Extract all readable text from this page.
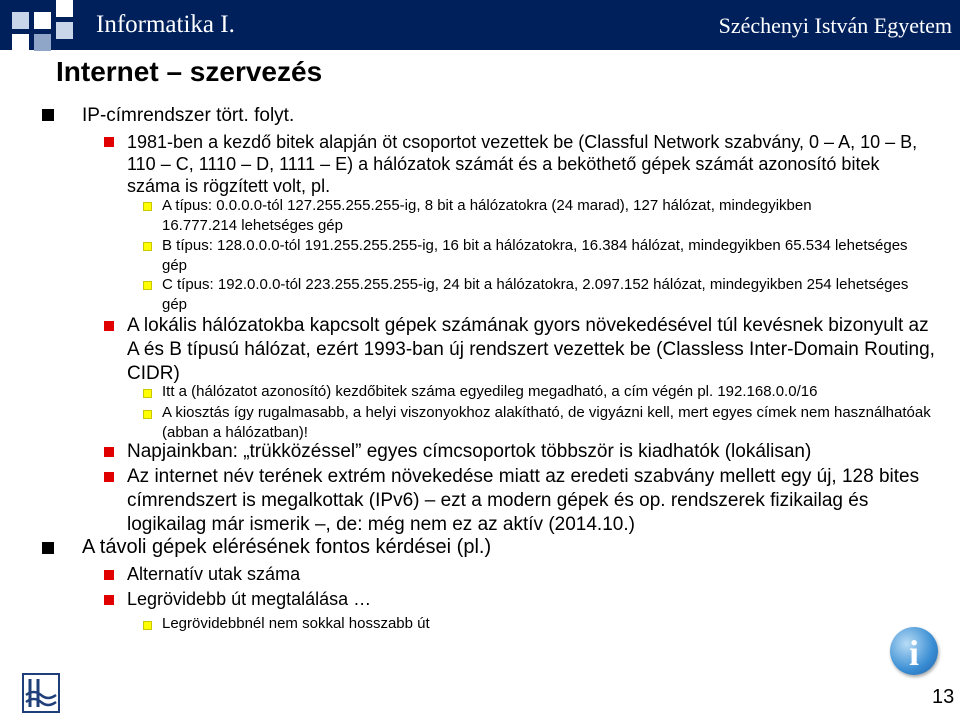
Informatika I.	Széchenyi István Egyetem
Internet – szervezés
IP-címrendszer tört. folyt.
1981-ben a kezdő bitek alapján öt csoportot vezettek be (Classful Network szabvány, 0 – A, 10 – B, 110 – C, 1110 – D, 1111 – E) a hálózatok számát és a beköthető gépek számát azonosító bitek száma is rögzített volt, pl.
A típus: 0.0.0.0-tól 127.255.255.255-ig, 8 bit a hálózatokra (24 marad), 127 hálózat, mindegyikben 16.777.214 lehetséges gép
B típus: 128.0.0.0-tól 191.255.255.255-ig, 16 bit a hálózatokra, 16.384 hálózat, mindegyikben 65.534 lehetséges gép
C típus: 192.0.0.0-tól 223.255.255.255-ig, 24 bit a hálózatokra, 2.097.152 hálózat, mindegyikben 254 lehetséges gép
A lokális hálózatokba kapcsolt gépek számának gyors növekedésével túl kevésnek bizonyult az A és B típusú hálózat, ezért 1993-ban új rendszert vezettek be (Classless Inter-Domain Routing, CIDR)
Itt a (hálózatot azonosító) kezdőbitek száma egyedileg megadható, a cím végén pl. 192.168.0.0/16
A kiosztás így rugalmasabb, a helyi viszonyokhoz alakítható, de vigyázni kell, mert egyes címek nem használhatóak (abban a hálózatban)!
Napjainkban: „trükközéssel” egyes címcsoportok többször is kiadhatók (lokálisan)
Az internet név terének extrém növekedése miatt az eredeti szabvány mellett egy új, 128 bites címrendszert is megalkottak (IPv6) – ezt a modern gépek és op. rendszerek fizikailag és logikailag már ismerik –, de: még nem ez az aktív (2014.10.)
A távoli gépek elérésének fontos kérdései (pl.)
Alternatív utak száma
Legrövidebb út megtalálása …
Legrövidebbnél nem sokkal hosszabb út
i
13
